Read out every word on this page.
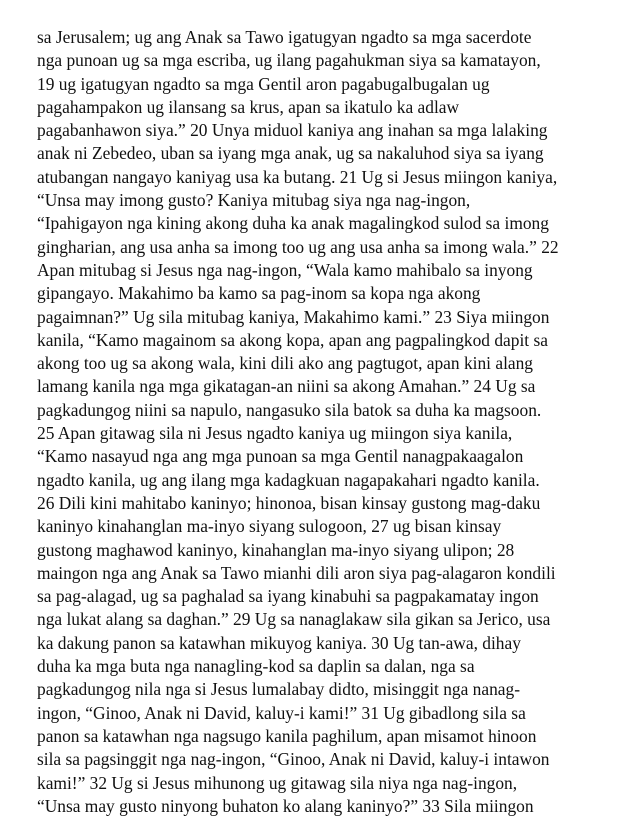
sa Jerusalem; ug ang Anak sa Tawo igatugyan ngadto sa mga sacerdote
nga punoan ug sa mga escriba, ug ilang pagahukman siya sa kamatayon,
19 ug igatugyan ngadto sa mga Gentil aron pagabugalbugalan ug
pagahampakon ug ilansang sa krus, apan sa ikatulo ka adlaw
pagabanhawon siya.” 20 Unya miduol kaniya ang inahan sa mga lalaking
anak ni Zebedeo, uban sa iyang mga anak, ug sa nakaluhod siya sa iyang
atubangan nangayo kaniyag usa ka butang. 21 Ug si Jesus miingon kaniya,
“Unsa may imong gusto? Kaniya mitubag siya nga nag-ingon,
“Ipahigayon nga kining akong duha ka anak magalingkod sulod sa imong
gingharian, ang usa anha sa imong too ug ang usa anha sa imong wala.” 22
Apan mitubag si Jesus nga nag-ingon, “Wala kamo mahibalo sa inyong
gipangayo. Makahimo ba kamo sa pag-inom sa kopa nga akong
pagaimnan?” Ug sila mitubag kaniya, Makahimo kami.” 23 Siya miingon
kanila, “Kamo magainom sa akong kopa, apan ang pagpalingkod dapit sa
akong too ug sa akong wala, kini dili ako ang pagtugot, apan kini alang
lamang kanila nga mga gikatagan-an niini sa akong Amahan.” 24 Ug sa
pagkadungog niini sa napulo, nangasuko sila batok sa duha ka magsoon.
25 Apan gitawag sila ni Jesus ngadto kaniya ug miingon siya kanila,
“Kamo nasayud nga ang mga punoan sa mga Gentil nanagpakaagalon
ngadto kanila, ug ang ilang mga kadagkuan nagapakahari ngadto kanila.
26 Dili kini mahitabo kaninyo; hinonoa, bisan kinsay gustong mag-daku
kaninyo kinahanglan ma-inyo siyang sulogoon, 27 ug bisan kinsay
gustong maghawod kaninyo, kinahanglan ma-inyo siyang ulipon; 28
maingon nga ang Anak sa Tawo mianhi dili aron siya pag-alagaron kondili
sa pag-alagad, ug sa paghalad sa iyang kinabuhi sa pagpakamatay ingon
nga lukat alang sa daghan.” 29 Ug sa nanaglakaw sila gikan sa Jerico, usa
ka dakung panon sa katawhan mikuyog kaniya. 30 Ug tan-awa, dihay
duha ka mga buta nga nanagling-kod sa daplin sa dalan, nga sa
pagkadungog nila nga si Jesus lumalabay didto, misinggit nga nanag-
ingon, “Ginoo, Anak ni David, kaluy-i kami!” 31 Ug gibadlong sila sa
panon sa katawhan nga nagsugo kanila paghilum, apan misamot hinoon
sila sa pagsinggit nga nag-ingon, “Ginoo, Anak ni David, kaluy-i intawon
kami!” 32 Ug si Jesus mihunong ug gitawag sila niya nga nag-ingon,
“Unsa may gusto ninyong buhaton ko alang kaninyo?” 33 Sila miingon
